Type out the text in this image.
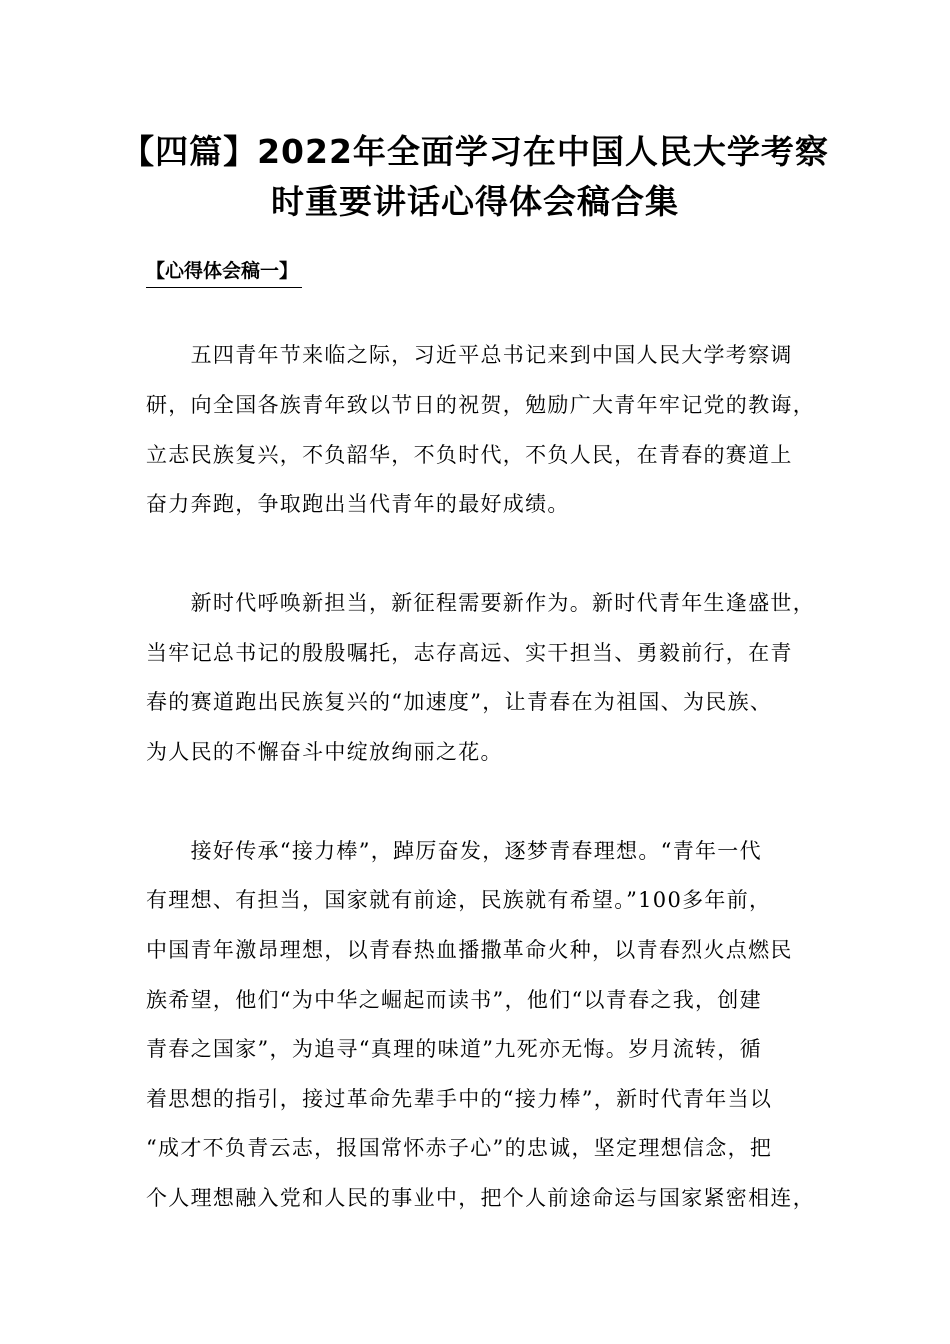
【四篇】2022年全面学习在中国人民大学考察
时重要讲话心得体会稿合集
【心得体会稿一】
　　五四青年节来临之际，习近平总书记来到中国人民大学考察调
研，向全国各族青年致以节日的祝贺，勉励广大青年牢记党的教诲，
立志民族复兴，不负韶华，不负时代，不负人民，在青春的赛道上
奋力奔跑，争取跑出当代青年的最好成绩。
　　新时代呼唤新担当，新征程需要新作为。新时代青年生逢盛世，
当牢记总书记的殷殷嘱托，志存高远、实干担当、勇毅前行，在青
春的赛道跑出民族复兴的“加速度”，让青春在为祖国、为民族、
为人民的不懈奋斗中绽放绚丽之花。
　　接好传承“接力棒”，踔厉奋发，逐梦青春理想。“青年一代
有理想、有担当，国家就有前途，民族就有希望。”100多年前，
中国青年激昂理想，以青春热血播撒革命火种，以青春烈火点燃民
族希望，他们“为中华之崛起而读书”，他们“以青春之我，创建
青春之国家”，为追寻“真理的味道”九死亦无悔。岁月流转，循
着思想的指引，接过革命先辈手中的“接力棒”，新时代青年当以
“成才不负青云志，报国常怀赤子心”的忠诚，坚定理想信念，把
个人理想融入党和人民的事业中，把个人前途命运与国家紧密相连，
